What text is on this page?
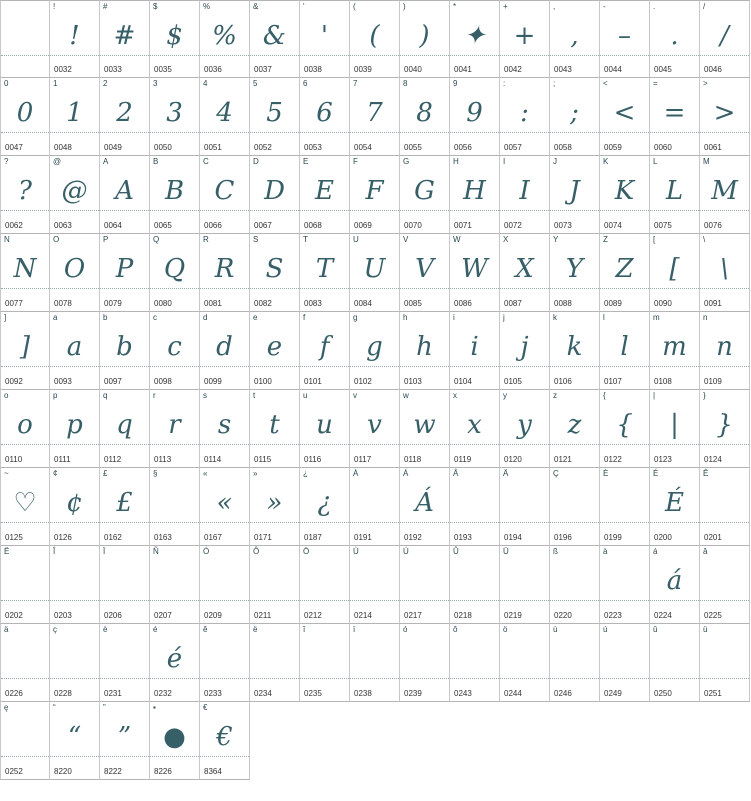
!
!
0032
#
#
0033
$
$
0035
%
%
0036
&
&
0037
'
'
0038
(
(
0039
)
)
0040
*
✦
0041
+
+
0042
,
,
0043
-
–
0044
.
.
0045
/
/
0046
0
0
0047
1
1
0048
2
2
0049
3
3
0050
4
4
0051
5
5
0052
6
6
0053
7
7
0054
8
8
0055
9
9
0056
:
:
0057
;
;
0058
<
<
0059
=
=
0060
>
>
0061
?
?
0062
@
@
0063
A
A
0064
B
B
0065
C
C
0066
D
D
0067
E
E
0068
F
F
0069
G
G
0070
H
H
0071
I
I
0072
J
J
0073
K
K
0074
L
L
0075
M
M
0076
N
N
0077
O
O
0078
P
P
0079
Q
Q
0080
R
R
0081
S
S
0082
T
T
0083
U
U
0084
V
V
0085
W
W
0086
X
X
0087
Y
Y
0088
Z
Z
0089
[
[
0090
\
\
0091
]
]
0092
a
a
0093
b
b
0097
c
c
0098
d
d
0099
e
e
0100
f
f
0101
g
g
0102
h
h
0103
i
i
0104
j
j
0105
k
k
0106
l
l
0107
m
m
0108
n
n
0109
o
o
0110
p
p
0111
q
q
0112
r
r
0113
s
s
0114
t
t
0115
u
u
0116
v
v
0117
w
w
0118
x
x
0119
y
y
0120
z
z
0121
{
{
0122
|
|
0123
}
}
0124
~
♡
0125
¢
¢
0126
£
£
0162
§
0163
«
«
0167
»
»
0171
¿
¿
0187
À
0191
Á
Á
0192
Â
0193
Ä
0194
Ç
0196
È
0199
É
É
0200
Ê
0201
Ë
0202
Î
0203
Ï
0206
Ñ
0207
Ó
0209
Ô
0211
Ö
0212
Ù
0214
Ú
0217
Û
0218
Ü
0219
ß
0220
à
0223
á
á
0224
â
0225
ä
0226
ç
0228
è
0231
é
é
0232
ê
0233
ë
0234
î
0235
ï
0238
ó
0239
ô
0243
ö
0244
ù
0246
ú
0249
û
0250
ü
0251
ę
0252
“
“
8220
”
”
8222
▪
●
8226
€
€
8364
